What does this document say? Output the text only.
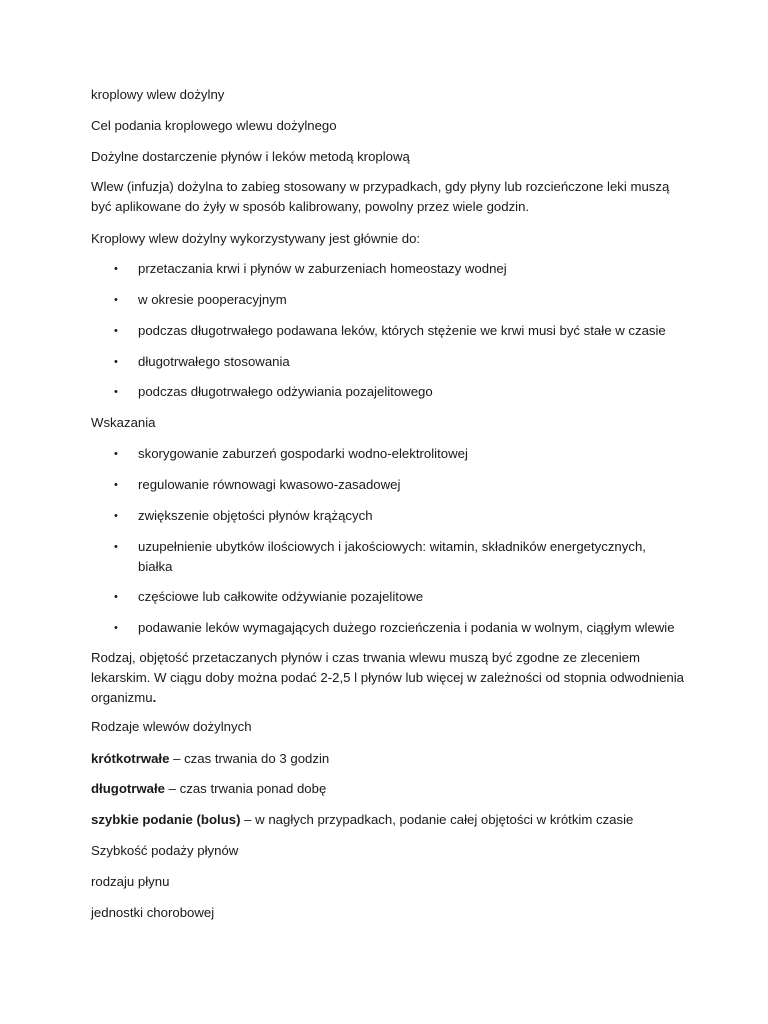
kroplowy wlew dożylny

Cel podania kroplowego wlewu dożylnego

Dożylne dostarczenie płynów i leków metodą kroplową

Wlew (infuzja) dożylna to zabieg stosowany w przypadkach, gdy płyny lub rozcieńczone leki muszą być aplikowane do żyły w sposób kalibrowany, powolny przez wiele godzin.

Kroplowy wlew dożylny wykorzystywany jest głównie do:

• przetaczania krwi i płynów w zaburzeniach homeostazy wodnej
• w okresie pooperacyjnym
• podczas długotrwałego podawana leków, których stężenie we krwi musi być stałe w czasie
• długotrwałego stosowania
• podczas długotrwałego odżywiania pozajelitowego

Wskazania

• skorygowanie zaburzeń gospodarki wodno-elektrolitowej
• regulowanie równowagi kwasowo-zasadowej
• zwiększenie objętości płynów krążących
• uzupełnienie ubytków ilościowych i jakościowych: witamin, składników energetycznych, białka
• częściowe lub całkowite odżywianie pozajelitowe
• podawanie leków wymagających dużego rozcieńczenia i podania w wolnym, ciągłym wlewie

Rodzaj, objętość przetaczanych płynów i czas trwania wlewu muszą być zgodne ze zleceniem lekarskim. W ciągu doby można podać 2-2,5 l płynów lub więcej w zależności od stopnia odwodnienia organizmu.

Rodzaje wlewów dożylnych

krótkotrwałe – czas trwania do 3 godzin

długotrwałe – czas trwania ponad dobę

szybkie podanie (bolus) – w nagłych przypadkach, podanie całej objętości w krótkim czasie

Szybkość podaży płynów

rodzaju płynu

jednostki chorobowej
